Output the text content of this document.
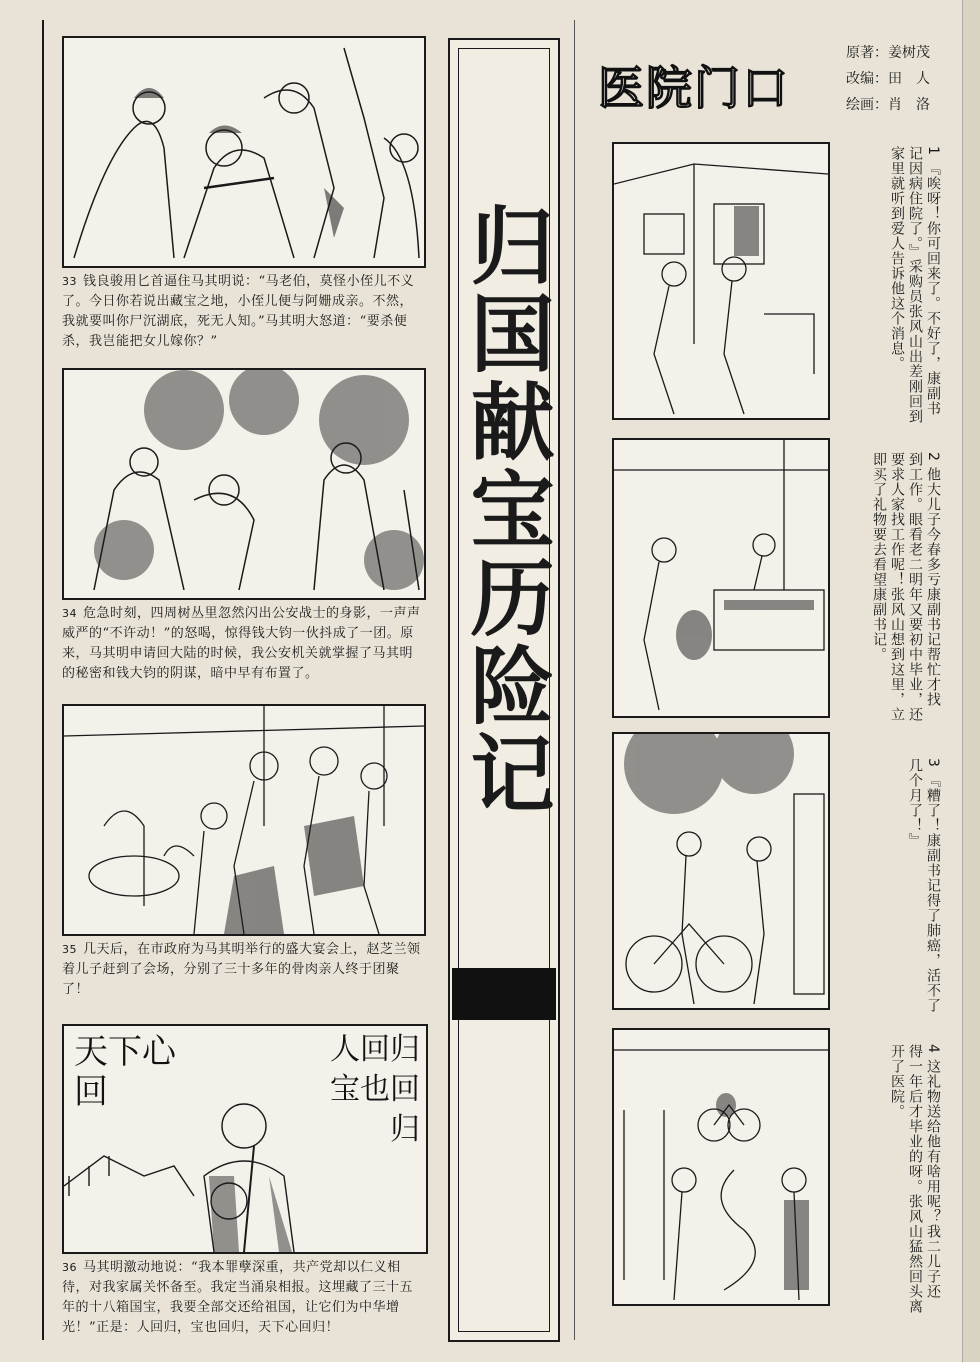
33 钱良骏用匕首逼住马其明说：“马老伯，莫怪小侄儿不义了。今日你若说出藏宝之地，小侄儿便与阿姗成亲。不然，我就要叫你尸沉湖底，死无人知。”马其明大怒道：“要杀便杀，我岂能把女儿嫁你？”

34 危急时刻，四周树丛里忽然闪出公安战士的身影，一声声威严的“不许动！”的怒喝，惊得钱大钧一伙抖成了一团。原来，马其明申请回大陆的时候，我公安机关就掌握了马其明的秘密和钱大钧的阴谋，暗中早有布置了。

35 几天后，在市政府为马其明举行的盛大宴会上，赵芝兰领着儿子赶到了会场，分别了三十多年的骨肉亲人终于团聚了！

天下心
回
人回归
宝也回
归

36 马其明激动地说：“我本罪孽深重，共产党却以仁义相待，对我家属关怀备至。我定当涌泉相报。这埋藏了三十五年的十八箱国宝，我要全部交还给祖国，让它们为中华增光！”正是：人回归，宝也回归，天下心回归！

归国献宝历险记
医院门口
原著：姜树茂
改编：田　人
绘画：肖　洛

1 『唉呀！你可回来了。不好了，康副书记因病住院了。』采购员张风山出差刚回到家里就听到爱人告诉他这个消息。

2 他大儿子今春多亏康副书记帮忙才找到工作。眼看老二明年又要初中毕业，还要求人家找工作呢！张风山想到这里，立即买了礼物要去看望康副书记。

3 『糟了！康副书记得了肺癌，活不了几个月了！』

4 这礼物送给他有啥用呢？我二儿子还得一年后才毕业的呀。张风山猛然回头离开了医院。
